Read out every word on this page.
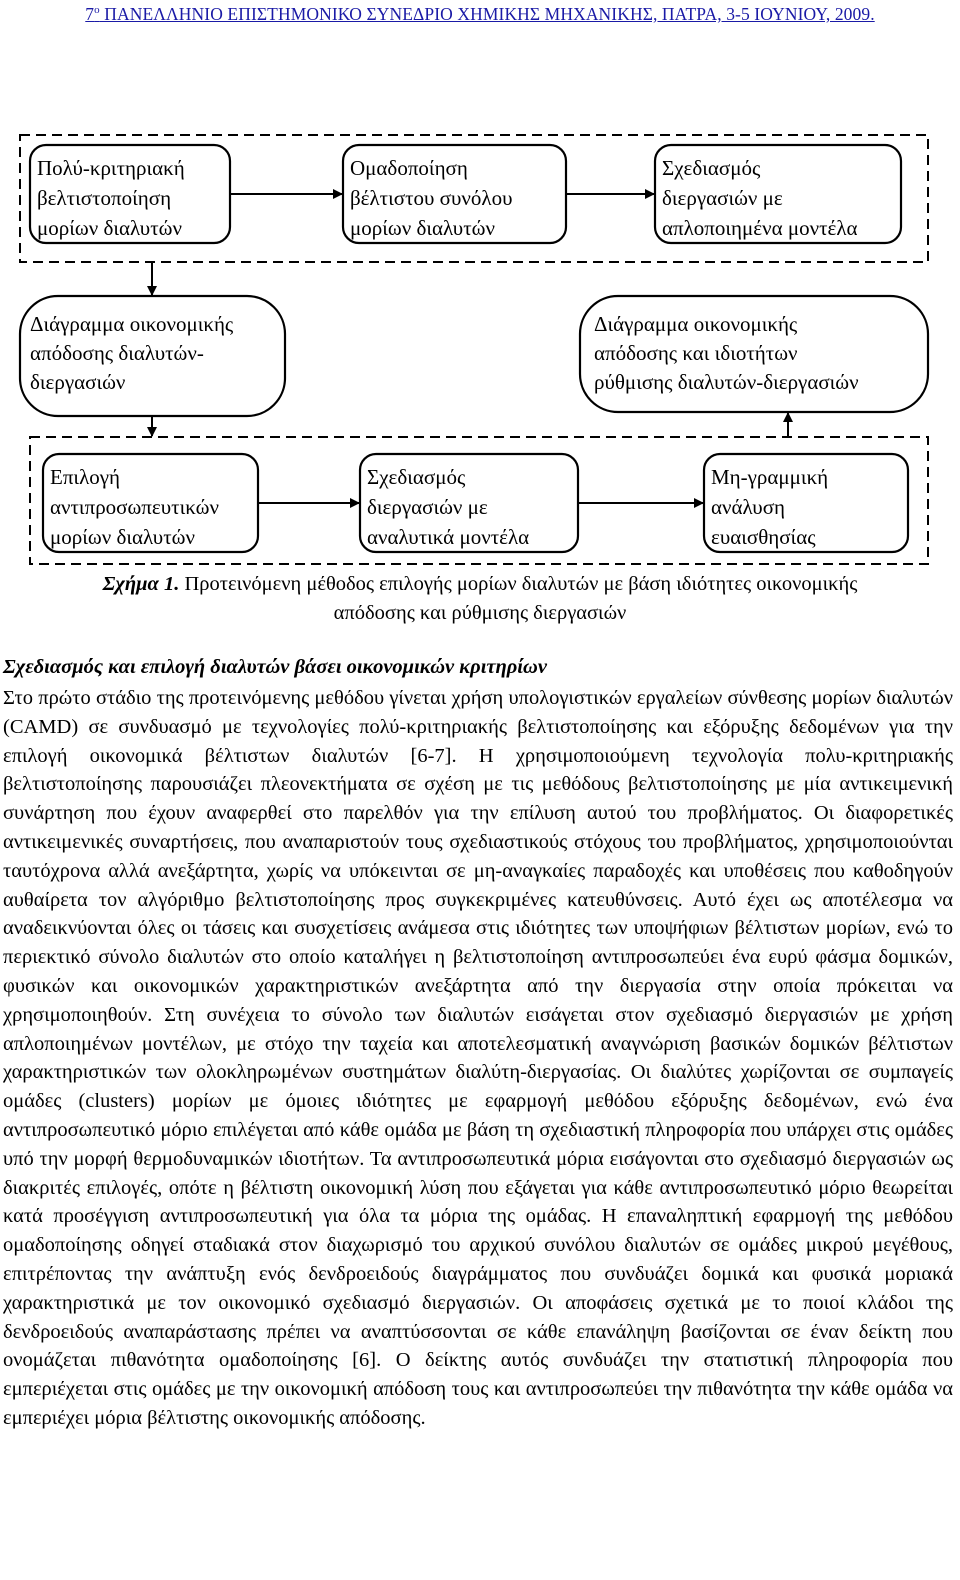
$7^o$ ΠΑΝΕΛΛΗΝΙΟ ΕΠΙΣΤΗΜΟΝΙΚΟ ΣΥΝΕΔΡΙΟ ΧΗΜΙΚΗΣ ΜΗΧΑΝΙΚΗΣ, ΠΑΤΡΑ, 3-5 ΙΟΥΝΙΟΥ, 2009.
Πολύ-κριτηριακή
βελτιστοποίηση
μορίων διαλυτών
Ομαδοποίηση
βέλτιστου συνόλου
μορίων διαλυτών
Σχεδιασμός
διεργασιών με
απλοποιημένα μοντέλα
Διάγραμμα οικονομικής
απόδοσης διαλυτών-
διεργασιών
Διάγραμμα οικονομικής
απόδοσης και ιδιοτήτων
ρύθμισης διαλυτών-διεργασιών
Επιλογή
αντιπροσωπευτικών
μορίων διαλυτών
Σχεδιασμός
διεργασιών με
αναλυτικά μοντέλα
Μη-γραμμική
ανάλυση
ευαισθησίας
Σχήμα 1. Προτεινόμενη μέθοδος επιλογής μορίων διαλυτών με βάση ιδιότητες οικονομικής
απόδοσης και ρύθμισης διεργασιών
Σχεδιασμός και επιλογή διαλυτών βάσει οικονομικών κριτηρίων
Στο πρώτο στάδιο της προτεινόμενης μεθόδου γίνεται χρήση υπολογιστικών εργαλείων σύνθεσης μορίων διαλυτών (CAMD) σε συνδυασμό με τεχνολογίες πολύ-κριτηριακής βελτιστοποίησης και εξόρυξης δεδομένων για την επιλογή οικονομικά βέλτιστων διαλυτών [6-7]. Η χρησιμοποιούμενη τεχνολογία πολυ-κριτηριακής βελτιστοποίησης παρουσιάζει πλεονεκτήματα σε σχέση με τις μεθόδους βελτιστοποίησης με μία αντικειμενική συνάρτηση που έχουν αναφερθεί στο παρελθόν για την επίλυση αυτού του προβλήματος. Οι διαφορετικές αντικειμενικές συναρτήσεις, που αναπαριστούν τους σχεδιαστικούς στόχους του προβλήματος, χρησιμοποιούνται ταυτόχρονα αλλά ανεξάρτητα, χωρίς να υπόκεινται σε μη-αναγκαίες παραδοχές και υποθέσεις που καθοδηγούν αυθαίρετα τον αλγόριθμο βελτιστοποίησης προς συγκεκριμένες κατευθύνσεις. Αυτό έχει ως αποτέλεσμα να αναδεικνύονται όλες οι τάσεις και συσχετίσεις ανάμεσα στις ιδιότητες των υποψήφιων βέλτιστων μορίων, ενώ το περιεκτικό σύνολο διαλυτών στο οποίο καταλήγει η βελτιστοποίηση αντιπροσωπεύει ένα ευρύ φάσμα δομικών, φυσικών και οικονομικών χαρακτηριστικών ανεξάρτητα από την διεργασία στην οποία πρόκειται να χρησιμοποιηθούν. Στη συνέχεια το σύνολο των διαλυτών εισάγεται στον σχεδιασμό διεργασιών με χρήση απλοποιημένων μοντέλων, με στόχο την ταχεία και αποτελεσματική αναγνώριση βασικών δομικών βέλτιστων χαρακτηριστικών των ολοκληρωμένων συστημάτων διαλύτη-διεργασίας. Οι διαλύτες χωρίζονται σε συμπαγείς ομάδες (clusters) μορίων με όμοιες ιδιότητες με εφαρμογή μεθόδου εξόρυξης δεδομένων, ενώ ένα αντιπροσωπευτικό μόριο επιλέγεται από κάθε ομάδα με βάση τη σχεδιαστική πληροφορία που υπάρχει στις ομάδες υπό την μορφή θερμοδυναμικών ιδιοτήτων. Τα αντιπροσωπευτικά μόρια εισάγονται στο σχεδιασμό διεργασιών ως διακριτές επιλογές, οπότε η βέλτιστη οικονομική λύση που εξάγεται για κάθε αντιπροσωπευτικό μόριο θεωρείται κατά προσέγγιση αντιπροσωπευτική για όλα τα μόρια της ομάδας. Η επαναληπτική εφαρμογή της μεθόδου ομαδοποίησης οδηγεί σταδιακά στον διαχωρισμό του αρχικού συνόλου διαλυτών σε ομάδες μικρού μεγέθους, επιτρέποντας την ανάπτυξη ενός δενδροειδούς διαγράμματος που συνδυάζει δομικά και φυσικά μοριακά χαρακτηριστικά με τον οικονομικό σχεδιασμό διεργασιών. Οι αποφάσεις σχετικά με το ποιοί κλάδοι της δενδροειδούς αναπαράστασης πρέπει να αναπτύσσονται σε κάθε επανάληψη βασίζονται σε έναν δείκτη που ονομάζεται πιθανότητα ομαδοποίησης [6]. Ο δείκτης αυτός συνδυάζει την στατιστική πληροφορία που εμπεριέχεται στις ομάδες με την οικονομική απόδοση τους και αντιπροσωπεύει την πιθανότητα την κάθε ομάδα να εμπεριέχει μόρια βέλτιστης οικονομικής απόδοσης.
